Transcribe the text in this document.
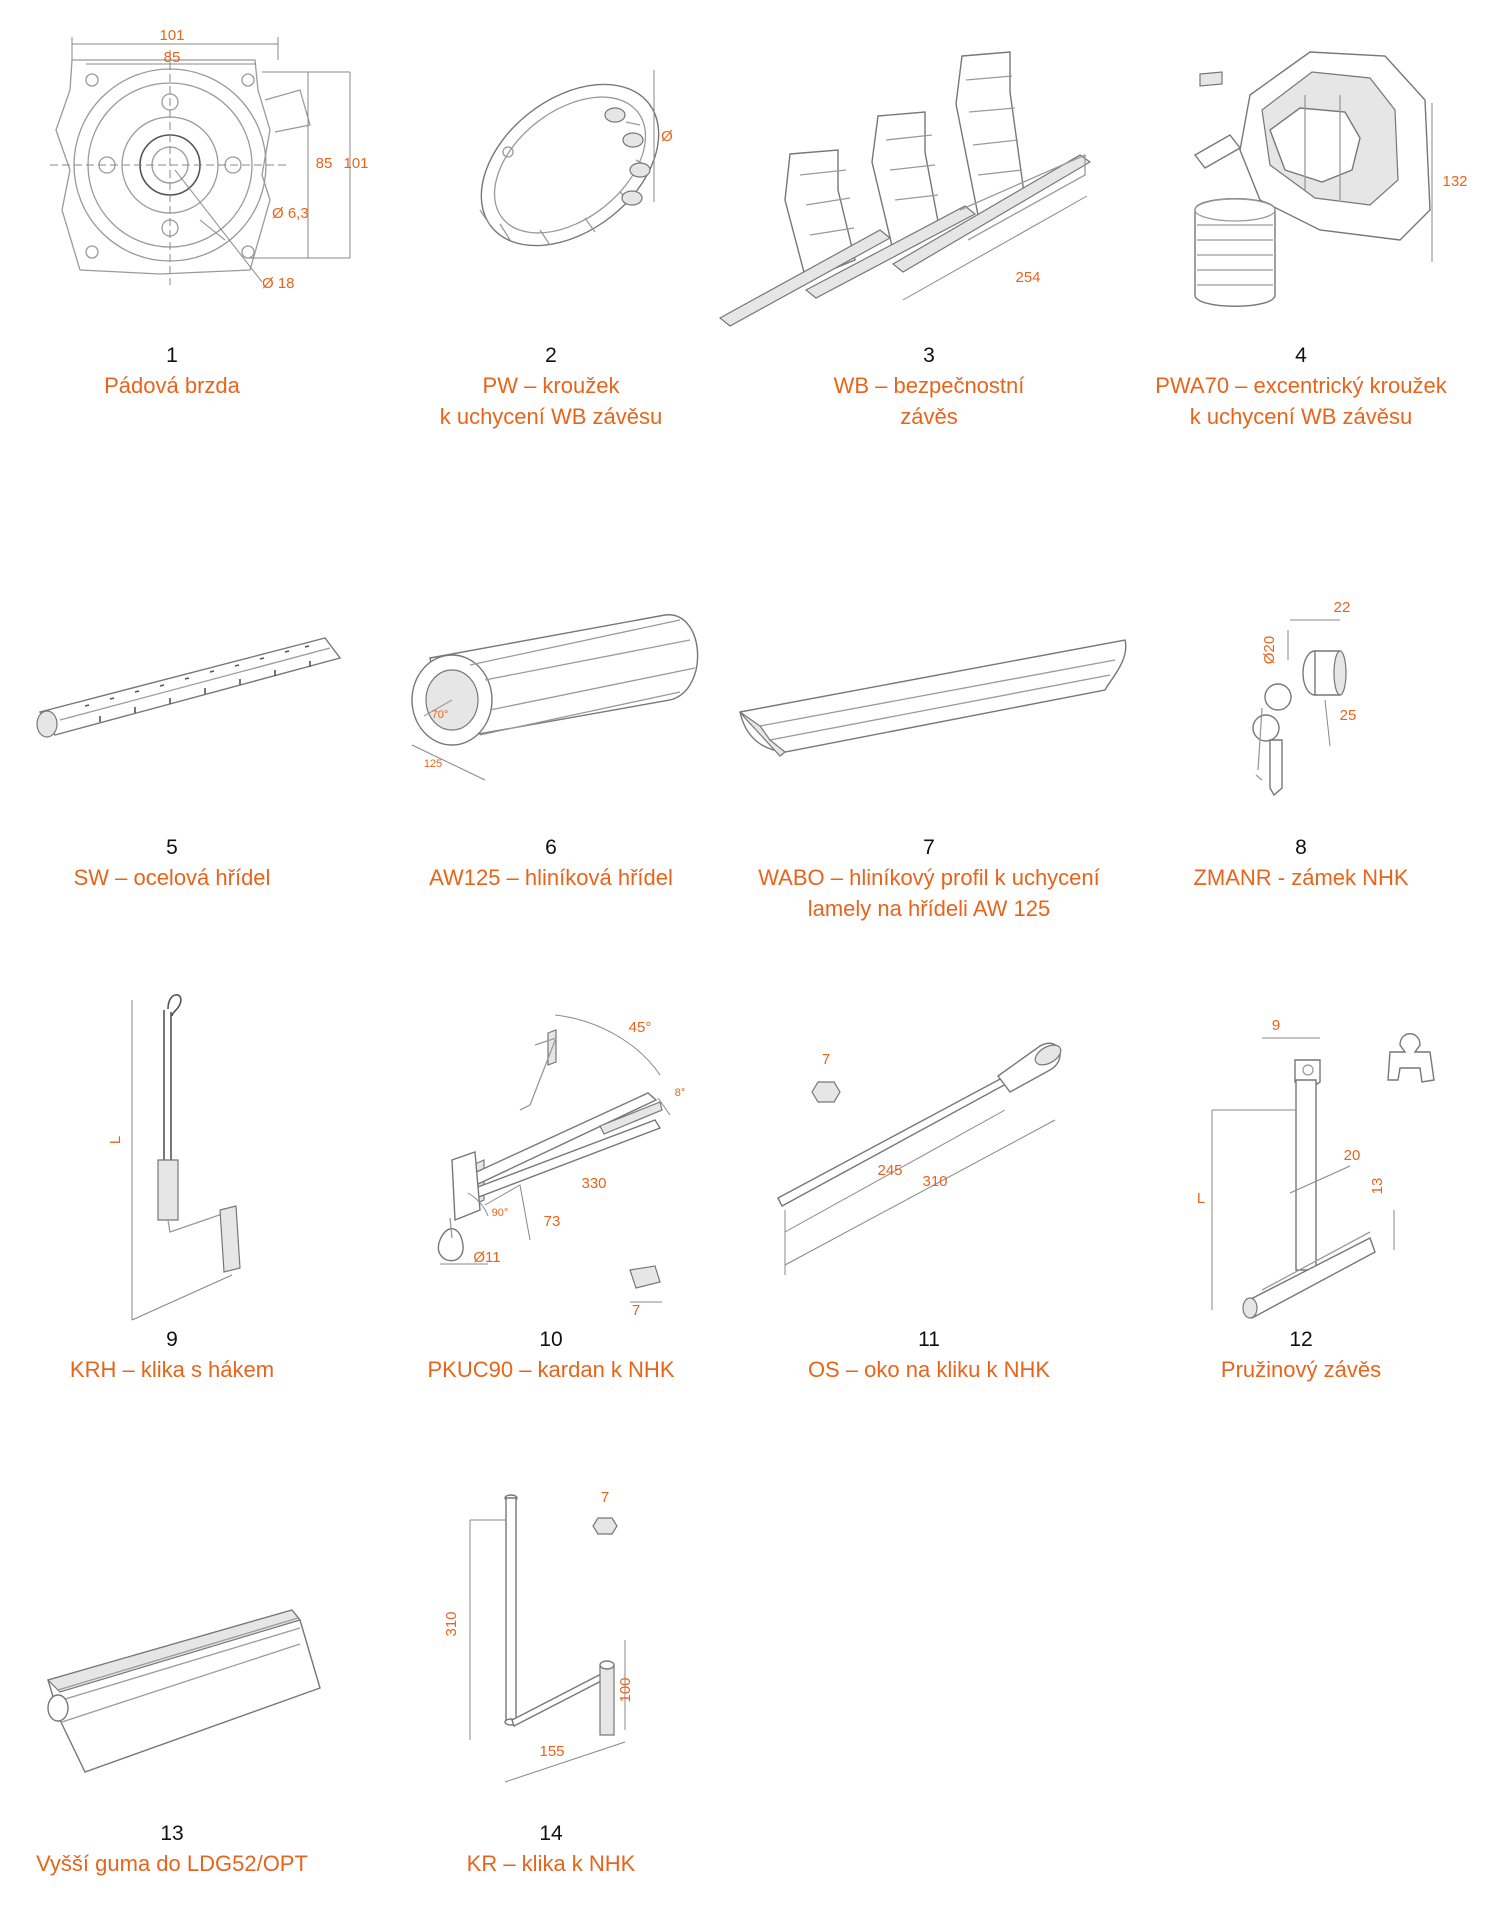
101
85
85 101
Ø 6,3
Ø 18
Ø
254
132
70°
125
22
Ø20
25
L
45°
8°
330
90° 73
Ø11
7
7
245
310
9
L
20
13
7
310
100
155
1
Pádová brzda
2
PW – kroužek
k uchycení WB závěsu
3
WB – bezpečnostní
závěs
4
PWA70 – excentrický kroužek
k uchycení WB závěsu
5
SW – ocelová hřídel
6
AW125 – hliníková hřídel
7
WABO – hliníkový profil k uchycení
lamely na hřídeli AW 125
8
ZMANR - zámek NHK
9
KRH – klika s hákem
10
PKUC90 – kardan k NHK
11
OS – oko na kliku k NHK
12
Pružinový závěs
13
Vyšší guma do LDG52/OPT
14
KR – klika k NHK
